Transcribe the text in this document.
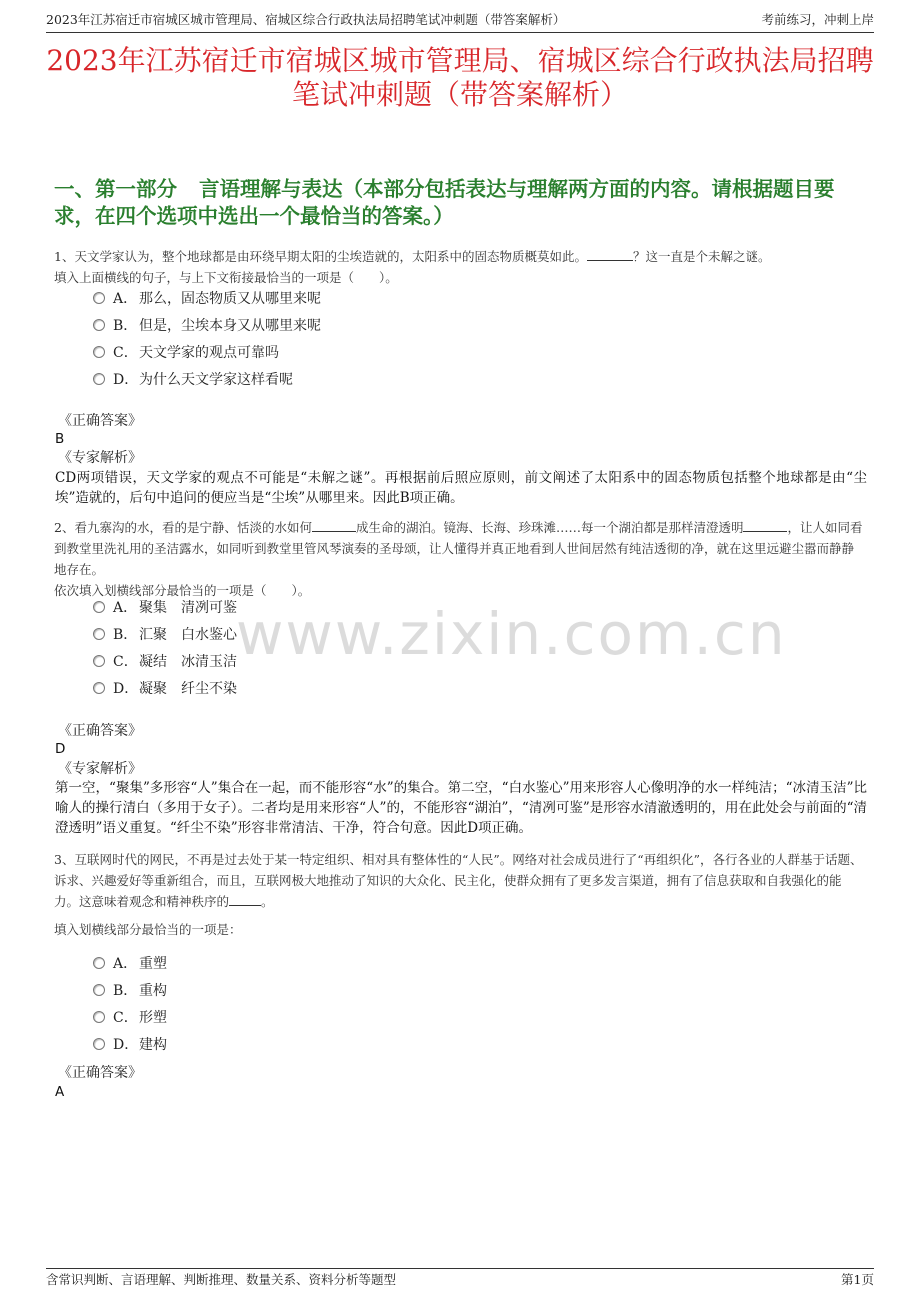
2023年江苏宿迁市宿城区城市管理局、宿城区综合行政执法局招聘笔试冲刺题（带答案解析）	考前练习，冲刺上岸
2023年江苏宿迁市宿城区城市管理局、宿城区综合行政执法局招聘笔试冲刺题（带答案解析）
一、第一部分 言语理解与表达（本部分包括表达与理解两方面的内容。请根据题目要求，在四个选项中选出一个最恰当的答案。）
www.zixin.com.cn

1、天文学家认为，整个地球都是由环绕早期太阳的尘埃造就的，太阳系中的固态物质概莫如此。	？这一直是个未解之谜。

填入上面横线的句子，与上下文衔接最恰当的一项是（　　）。

A． 那么，固态物质又从哪里来呢
B． 但是，尘埃本身又从哪里来呢
C．天文学家的观点可靠吗
D．为什么天文学家这样看呢
《正确答案》
B
《专家解析》

CD两项错误，天文学家的观点不可能是“未解之谜”。再根据前后照应原则，前文阐述了太阳系中的固态物质包括整个地球都是由“尘埃”造就的，后句中追问的便应当是“尘埃”从哪里来。因此B项正确。

2、看九寨沟的水，看的是宁静、恬淡的水如何	成生命的湖泊。镜海、长海、珍珠滩……每一个湖泊都是那样清澄透明	，让人如同看到教堂里洗礼用的圣洁露水，如同听到教堂里管风琴演奏的圣母颂，让人懂得并真正地看到人世间居然有纯洁透彻的净，就在这里远避尘嚣而静静地存在。

依次填入划横线部分最恰当的一项是（　　）。

A． 聚集　清冽可鉴
B． 汇聚　白水鉴心
C．凝结　冰清玉洁
D．凝聚　纤尘不染
《正确答案》
D
《专家解析》

第一空，“聚集”多形容“人”集合在一起，而不能形容“水”的集合。第二空，“白水鉴心”用来形容人心像明净的水一样纯洁；“冰清玉洁”比喻人的操行清白（多用于女子）。二者均是用来形容“人”的，不能形容“湖泊”，“清冽可鉴”是形容水清澈透明的，用在此处会与前面的“清澄透明”语义重复。“纤尘不染”形容非常清洁、干净，符合句意。因此D项正确。

3、互联网时代的网民，不再是过去处于某一特定组织、相对具有整体性的“人民”。网络对社会成员进行了“再组织化”，各行各业的人群基于话题、诉求、兴趣爱好等重新组合，而且，互联网极大地推动了知识的大众化、民主化，使群众拥有了更多发言渠道，拥有了信息获取和自我强化的能力。这意味着观念和精神秩序的	。

填入划横线部分最恰当的一项是：
A． 重塑
B． 重构
C．形塑
D．建构
《正确答案》
A
含常识判断、言语理解、判断推理、数量关系、资料分析等题型	第1页
